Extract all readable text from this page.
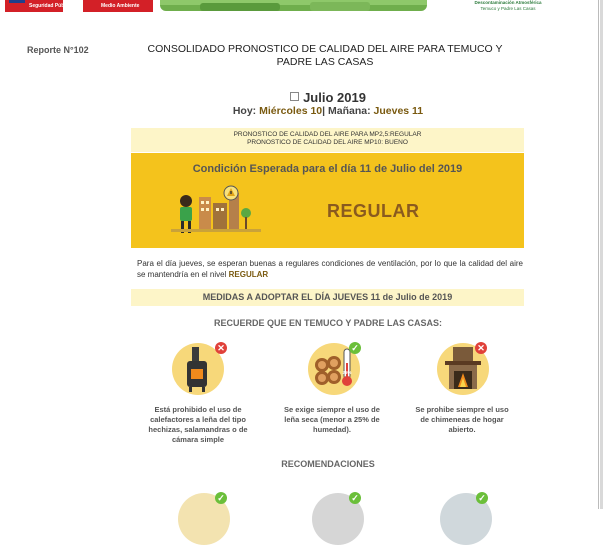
Seguridad Pública	Medio Ambiente
Descontaminación Atmosférica
Temuco y Padre Las Casas
Reporte N°102	CONSOLIDADO PRONOSTICO DE CALIDAD DEL AIRE PARA TEMUCO Y
PADRE LAS CASAS
Julio 2019
Hoy: Miércoles 10| Mañana: Jueves 11
PRONOSTICO DE CALIDAD DEL AIRE PARA MP2,5:REGULAR
PRONOSTICO DE CALIDAD DEL AIRE MP10: BUENO
Condición Esperada para el día 11 de Julio del 2019
REGULAR
Para el día jueves, se esperan buenas a regulares condiciones de ventilación, por lo que la calidad del aire se mantendría en el nivel REGULAR
MEDIDAS A ADOPTAR EL DÍA JUEVES 11 de Julio de 2019
RECUERDE QUE EN TEMUCO Y PADRE LAS CASAS:
✕
Está prohibido el uso de calefactores a leña del tipo hechizas, salamandras o de cámara simple
25%
✓
Se exige siempre el uso de leña seca (menor a 25% de humedad).
✕
Se prohibe siempre el uso de chimeneas de hogar abierto.
RECOMENDACIONES
✓	✓	✓
